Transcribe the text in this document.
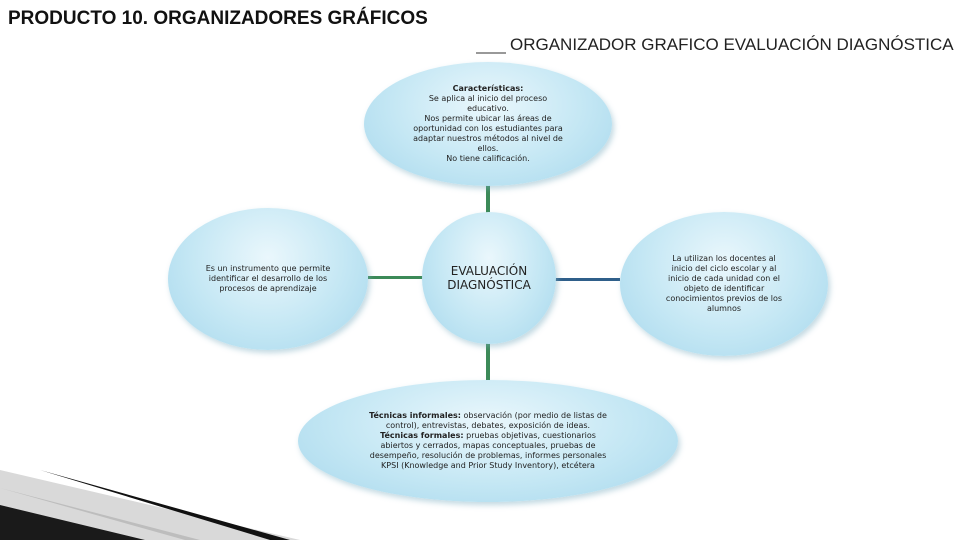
PRODUCTO 10. ORGANIZADORES GRÁFICOS
ORGANIZADOR GRAFICO EVALUACIÓN DIAGNÓSTICA
Características:
Se aplica al inicio del proceso
educativo.
Nos permite ubicar las áreas de
oportunidad con los estudiantes para
adaptar nuestros métodos al nivel de
ellos.
No tiene calificación.
Es un instrumento que permite
identificar el desarrollo de los
procesos de aprendizaje
EVALUACIÓN
DIAGNÓSTICA
La utilizan los docentes al
inicio del ciclo escolar y al
inicio de cada unidad con el
objeto de identificar
conocimientos previos de los
alumnos
Técnicas informales: observación (por medio de listas de
control), entrevistas, debates, exposición de ideas.
Técnicas formales: pruebas objetivas, cuestionarios
abiertos y cerrados, mapas conceptuales, pruebas de
desempeño, resolución de problemas, informes personales
KPSI (Knowledge and Prior Study Inventory), etcétera
